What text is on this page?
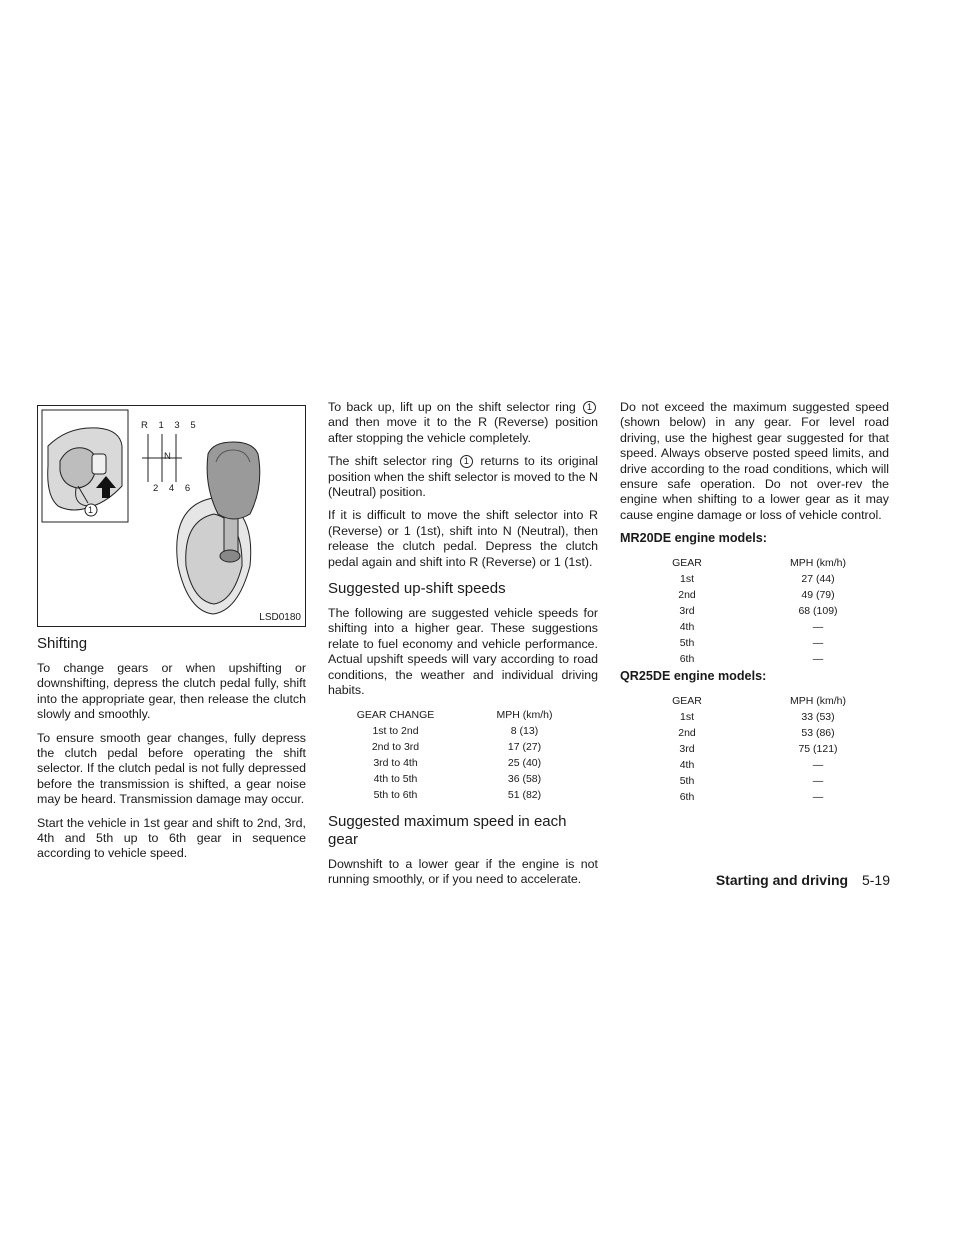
R 1 3 5
N
2 4 6
1
LSD0180
Shifting

To change gears or when upshifting or downshifting, depress the clutch pedal fully, shift into the appropriate gear, then release the clutch slowly and smoothly.

To ensure smooth gear changes, fully depress the clutch pedal before operating the shift selector. If the clutch pedal is not fully depressed before the transmission is shifted, a gear noise may be heard. Transmission damage may occur.

Start the vehicle in 1st gear and shift to 2nd, 3rd, 4th and 5th up to 6th gear in sequence according to vehicle speed.

To back up, lift up on the shift selector ring 1 and then move it to the R (Reverse) position after stopping the vehicle completely.

The shift selector ring 1 returns to its original position when the shift selector is moved to the N (Neutral) position.

If it is difficult to move the shift selector into R (Reverse) or 1 (1st), shift into N (Neutral), then release the clutch pedal. Depress the clutch pedal again and shift into R (Reverse) or 1 (1st).

Suggested up-shift speeds

The following are suggested vehicle speeds for shifting into a higher gear. These suggestions relate to fuel economy and vehicle performance. Actual upshift speeds will vary according to road conditions, the weather and individual driving habits.

GEAR CHANGE	MPH (km/h)
1st to 2nd	8 (13)
2nd to 3rd	17 (27)
3rd to 4th	25 (40)
4th to 5th	36 (58)
5th to 6th	51 (82)
Suggested maximum speed in each gear

Downshift to a lower gear if the engine is not running smoothly, or if you need to accelerate.

Do not exceed the maximum suggested speed (shown below) in any gear. For level road driving, use the highest gear suggested for that speed. Always observe posted speed limits, and drive according to the road conditions, which will ensure safe operation. Do not over-rev the engine when shifting to a lower gear as it may cause engine damage or loss of vehicle control.

MR20DE engine models:
GEAR	MPH (km/h)
1st	27 (44)
2nd	49 (79)
3rd	68 (109)
4th	—
5th	—
6th	—
QR25DE engine models:
GEAR	MPH (km/h)
1st	33 (53)
2nd	53 (86)
3rd	75 (121)
4th	—
5th	—
6th	—
Starting and driving 5-19
